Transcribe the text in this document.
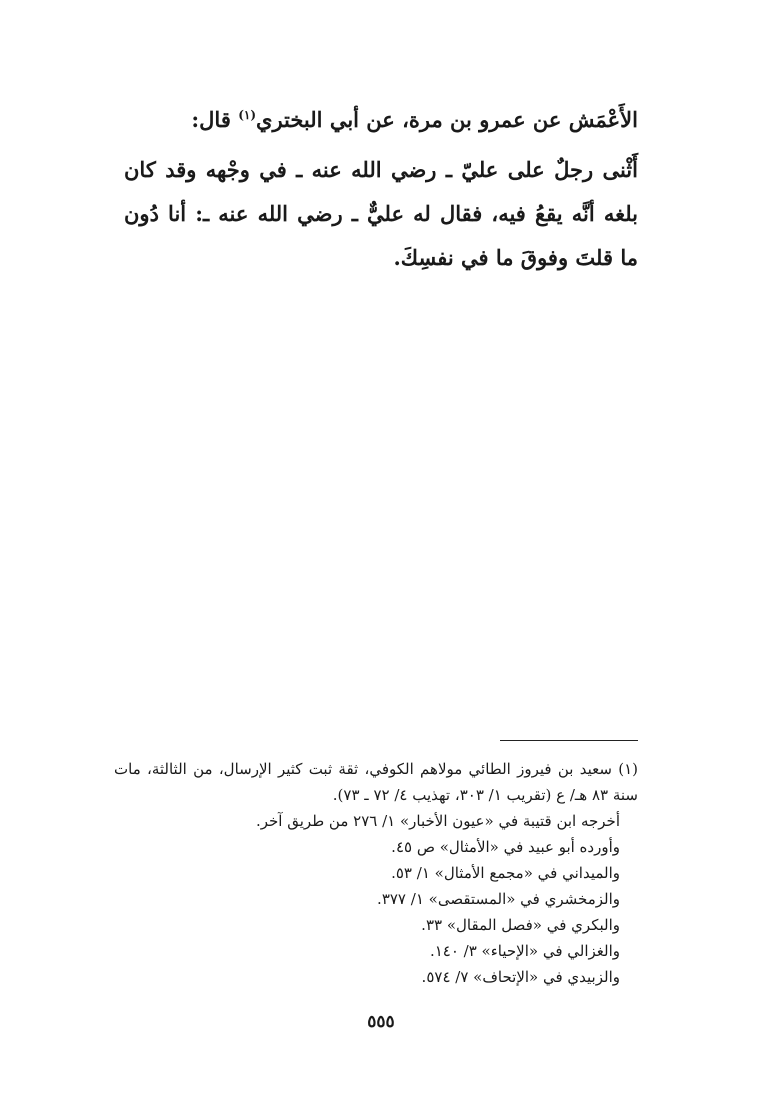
الأَعْمَش عن عمرو بن مرة، عن أبي البختري$^{(١)}$ قال:
أَثْنى رجلٌ على عليّ ـ رضي الله عنه ـ في وجْهه وقد كان بلغه أنَّه يقعُ فيه، فقال له عليٌّ ـ رضي الله عنه ـ: أنا دُون ما قلتَ وفوقَ ما في نفسِكَ.

(١) سعيد بن فيروز الطائي مولاهم الكوفي، ثقة ثبت كثير الإرسال، من الثالثة، مات سنة ٨٣ هـ/ ع (تقريب ١/ ٣٠٣، تهذيب ٤/ ٧٢ ـ ٧٣).

أخرجه ابن قتيبة في «عيون الأخبار» ١/ ٢٧٦ من طريق آخر.

وأورده أبو عبيد في «الأمثال» ص ٤٥.

والميداني في «مجمع الأمثال» ١/ ٥٣.

والزمخشري في «المستقصى» ١/ ٣٧٧.

والبكري في «فصل المقال» ٣٣.

والغزالي في «الإحياء» ٣/ ١٤٠.

والزبيدي في «الإتحاف» ٧/ ٥٧٤.

٥٥٥
